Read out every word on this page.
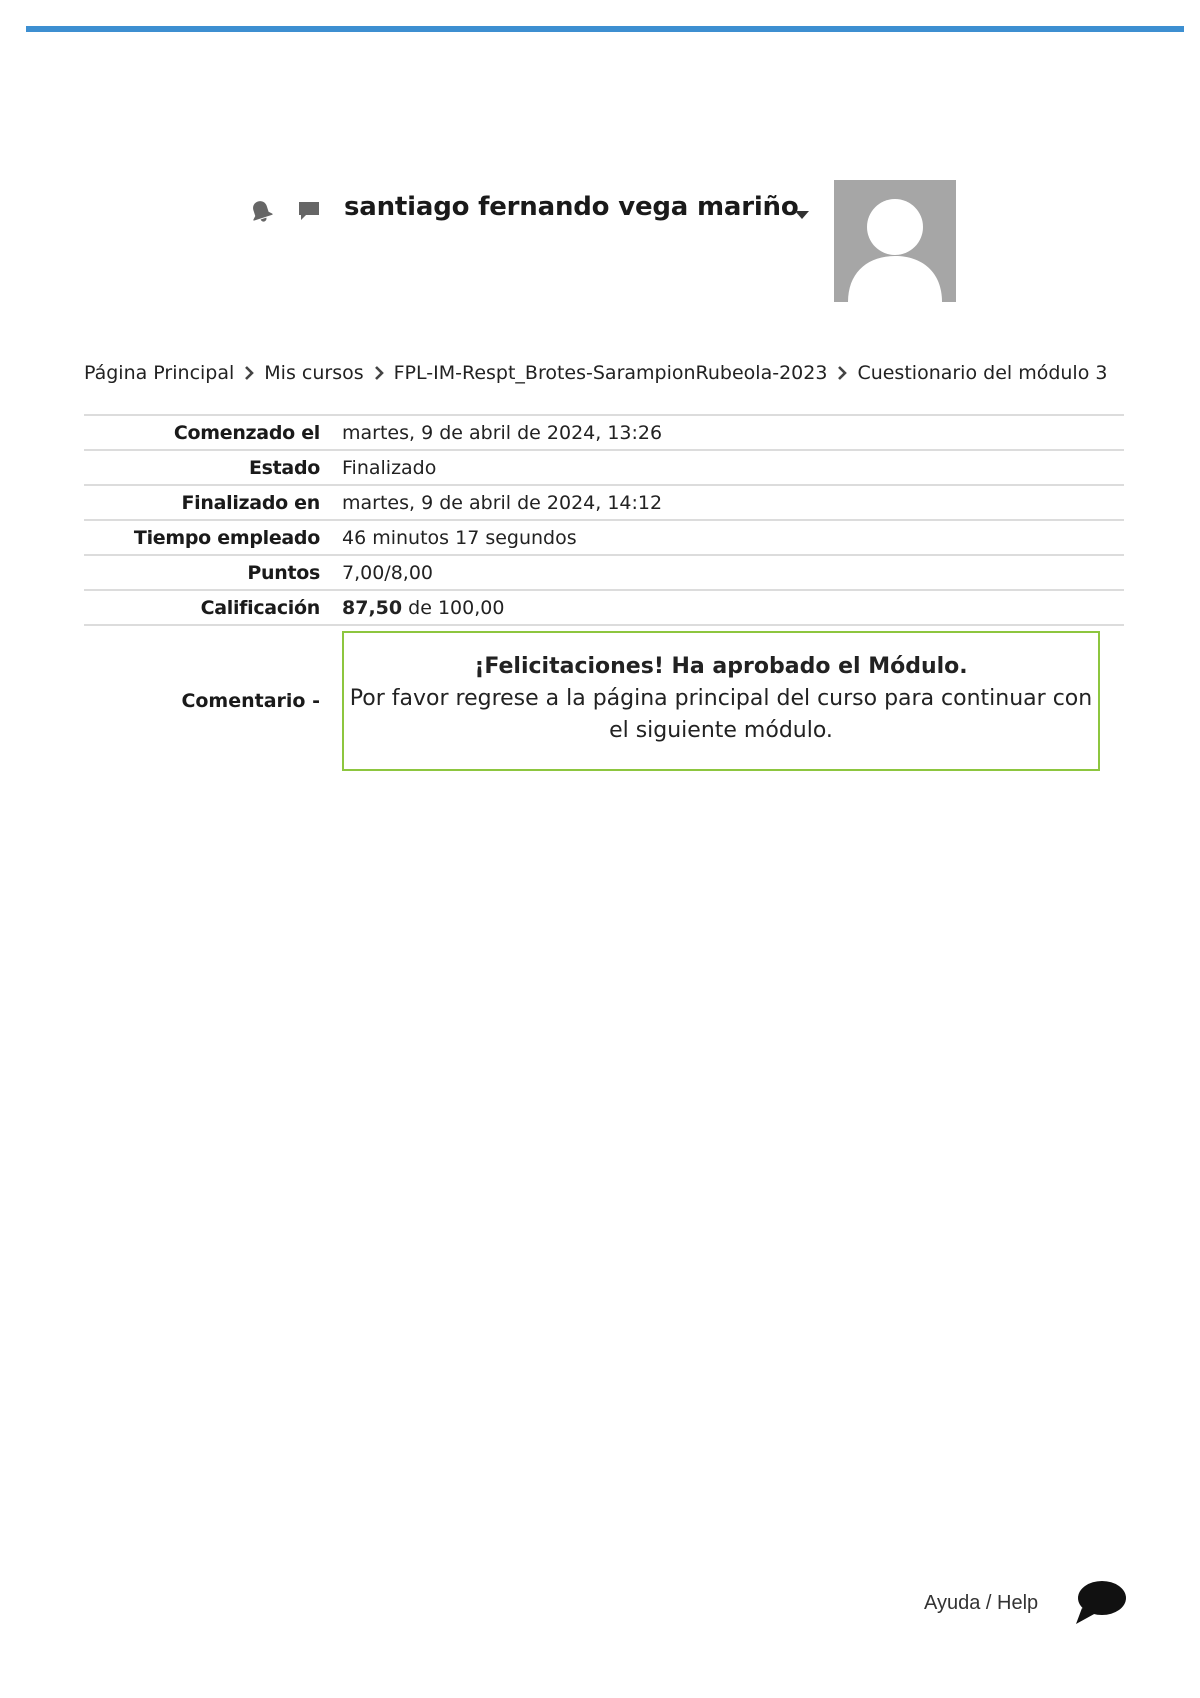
santiago fernando vega mariño
Página Principal Mis cursos FPL-IM-Respt_Brotes-SarampionRubeola-2023 Cuestionario del módulo 3
Comenzado el martes, 9 de abril de 2024, 13:26
Estado Finalizado
Finalizado en martes, 9 de abril de 2024, 14:12
Tiempo empleado 46 minutos 17 segundos
Puntos 7,00/8,00
Calificación 87,50 de 100,00
Comentario -
¡Felicitaciones! Ha aprobado el Módulo.
Por favor regrese a la página principal del curso para continuar con el siguiente módulo.
Ayuda / Help
